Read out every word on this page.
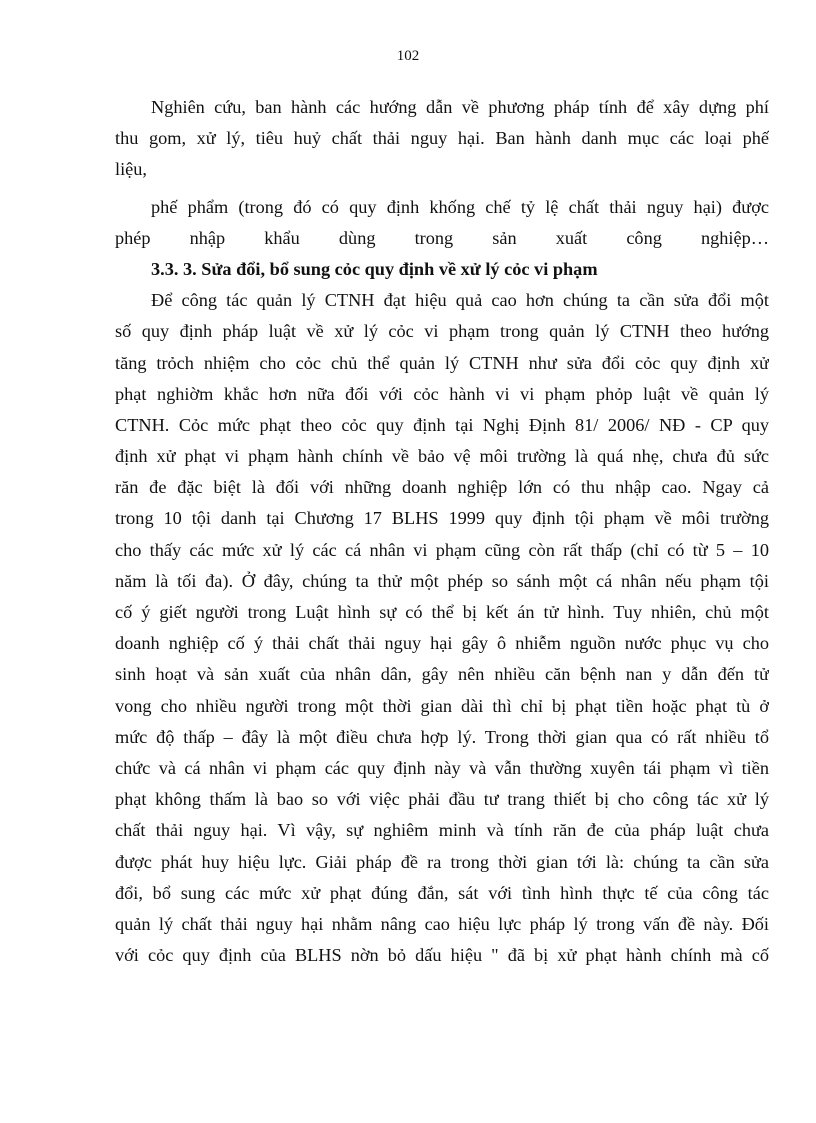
102
Nghiên cứu, ban hành các hướng dẫn về phương pháp tính để xây dựng phí
thu gom, xử lý, tiêu huỷ chất thải nguy hại. Ban hành danh mục các loại phế
liệu,
phế phẩm (trong đó có quy định khống chế tỷ lệ chất thải nguy hại) được
phép nhập khẩu dùng trong sản xuất công nghiệp…
3.3. 3. Sửa đổi, bổ sung cỏc quy định về xử lý cỏc vi phạm
Để công tác quản lý CTNH đạt hiệu quả cao hơn chúng ta cần sửa đổi một
số quy định pháp luật về xử lý cỏc vi phạm trong quản lý CTNH theo hướng
tăng trỏch nhiệm cho cỏc chủ thể quản lý CTNH như sửa đổi cỏc quy định xử
phạt nghiờm khắc hơn nữa đối với cỏc hành vi vi phạm phỏp luật về quản lý
CTNH. Cỏc mức phạt theo cỏc quy định tại Nghị Định 81/ 2006/ NĐ - CP quy
định xử phạt vi phạm hành chính về bảo vệ môi trường là quá nhẹ, chưa đủ sức
răn đe đặc biệt là đối với những doanh nghiệp lớn có thu nhập cao. Ngay cả
trong 10 tội danh tại Chương 17 BLHS 1999 quy định tội phạm về môi trường
cho thấy các mức xử lý các cá nhân vi phạm cũng còn rất thấp (chỉ có từ 5 – 10
năm là tối đa). Ở đây, chúng ta thử một phép so sánh một cá nhân nếu phạm tội
cố ý giết người trong Luật hình sự có thể bị kết án tử hình. Tuy nhiên, chủ một
doanh nghiệp cố ý thải chất thải nguy hại gây ô nhiễm nguồn nước phục vụ cho
sinh hoạt và sản xuất của nhân dân, gây nên nhiều căn bệnh nan y dẫn đến tử
vong cho nhiều người trong một thời gian dài thì chỉ bị phạt tiền hoặc phạt tù ở
mức độ thấp – đây là một điều chưa hợp lý. Trong thời gian qua có rất nhiều tổ
chức và cá nhân vi phạm các quy định này và vẫn thường xuyên tái phạm vì tiền
phạt không thấm là bao so với việc phải đầu tư trang thiết bị cho công tác xử lý
chất thải nguy hại. Vì vậy, sự nghiêm minh và tính răn đe của pháp luật chưa
được phát huy hiệu lực. Giải pháp đề ra trong thời gian tới là: chúng ta cần sửa
đổi, bổ sung các mức xử phạt đúng đắn, sát với tình hình thực tế của công tác
quản lý chất thải nguy hại nhằm nâng cao hiệu lực pháp lý trong vấn đề này. Đối
với cỏc quy định của BLHS nờn bỏ dấu hiệu " đã bị xử phạt hành chính mà cố
